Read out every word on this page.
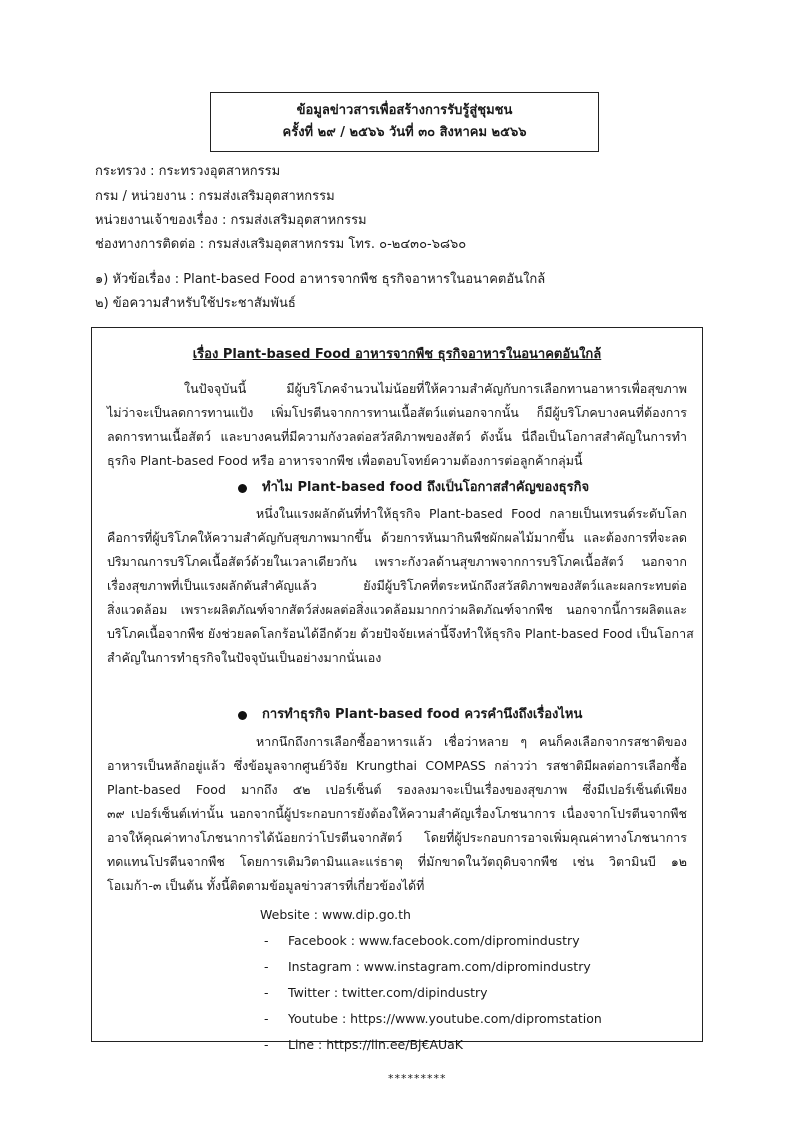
ข้อมูลข่าวสารเพื่อสร้างการรับรู้สู่ชุมชน
ครั้งที่ ๒๙ / ๒๕๖๖ วันที่ ๓๐ สิงหาคม ๒๕๖๖
กระทรวง : กระทรวงอุตสาหกรรม
กรม / หน่วยงาน : กรมส่งเสริมอุตสาหกรรม
หน่วยงานเจ้าของเรื่อง : กรมส่งเสริมอุตสาหกรรม
ช่องทางการติดต่อ : กรมส่งเสริมอุตสาหกรรม โทร. ๐-๒๔๓๐-๖๘๖๐
๑) หัวข้อเรื่อง : Plant-based Food อาหารจากพืช ธุรกิจอาหารในอนาคตอันใกล้
๒) ข้อความสำหรับใช้ประชาสัมพันธ์
เรื่อง Plant-based Food อาหารจากพืช ธุรกิจอาหารในอนาคตอันใกล้
ในปัจจุบันนี้ มีผู้บริโภคจำนวนไม่น้อยที่ให้ความสำคัญกับการเลือกทานอาหารเพื่อสุขภาพ
ไม่ว่าจะเป็นลดการทานแป้ง เพิ่มโปรตีนจากการทานเนื้อสัตว์แต่นอกจากนั้น ก็มีผู้บริโภคบางคนที่ต้องการ
ลดการทานเนื้อสัตว์ และบางคนที่มีความกังวลต่อสวัสดิภาพของสัตว์ ดังนั้น นี่ถือเป็นโอกาสสำคัญในการทำ
ธุรกิจ Plant-based Food หรือ อาหารจากพืช เพื่อตอบโจทย์ความต้องการต่อลูกค้ากลุ่มนี้
ทำไม Plant-based food ถึงเป็นโอกาสสำคัญของธุรกิจ
หนึ่งในแรงผลักดันที่ทำให้ธุรกิจ Plant-based Food กลายเป็นเทรนด์ระดับโลก
คือการที่ผู้บริโภคให้ความสำคัญกับสุขภาพมากขึ้น ด้วยการหันมากินพืชผักผลไม้มากขึ้น และต้องการที่จะลด
ปริมาณการบริโภคเนื้อสัตว์ด้วยในเวลาเดียวกัน เพราะกังวลด้านสุขภาพจากการบริโภคเนื้อสัตว์ นอกจาก
เรื่องสุขภาพที่เป็นแรงผลักดันสำคัญแล้ว ยังมีผู้บริโภคที่ตระหนักถึงสวัสดิภาพของสัตว์และผลกระทบต่อ
สิ่งแวดล้อม เพราะผลิตภัณฑ์จากสัตว์ส่งผลต่อสิ่งแวดล้อมมากกว่าผลิตภัณฑ์จากพืช นอกจากนี้การผลิตและ
บริโภคเนื้อจากพืช ยังช่วยลดโลกร้อนได้อีกด้วย ด้วยปัจจัยเหล่านี้จึงทำให้ธุรกิจ Plant-based Food เป็นโอกาส
สำคัญในการทำธุรกิจในปัจจุบันเป็นอย่างมากนั่นเอง
การทำธุรกิจ Plant-based food ควรคำนึงถึงเรื่องไหน
หากนึกถึงการเลือกซื้ออาหารแล้ว เชื่อว่าหลาย ๆ คนก็คงเลือกจากรสชาติของ
อาหารเป็นหลักอยู่แล้ว ซึ่งข้อมูลจากศูนย์วิจัย Krungthai COMPASS กล่าวว่า รสชาติมีผลต่อการเลือกซื้อ
Plant-based Food มากถึง ๕๒ เปอร์เซ็นต์ รองลงมาจะเป็นเรื่องของสุขภาพ ซึ่งมีเปอร์เซ็นต์เพียง
๓๙ เปอร์เซ็นต์เท่านั้น นอกจากนี้ผู้ประกอบการยังต้องให้ความสำคัญเรื่องโภชนาการ เนื่องจากโปรตีนจากพืช
อาจให้คุณค่าทางโภชนาการได้น้อยกว่าโปรตีนจากสัตว์ โดยที่ผู้ประกอบการอาจเพิ่มคุณค่าทางโภชนาการ
ทดแทนโปรตีนจากพืช โดยการเติมวิตามินและแร่ธาตุ ที่มักขาดในวัตถุดิบจากพืช เช่น วิตามินบี ๑๒
โอเมก้า-๓ เป็นต้น ทั้งนี้ติดตามข้อมูลข่าวสารที่เกี่ยวข้องได้ที่
Website : www.dip.go.th
- Facebook : www.facebook.com/dipromindustry
- Instagram : www.instagram.com/dipromindustry
- Twitter : twitter.com/dipindustry
- Youtube : https://www.youtube.com/dipromstation
- Line : https://lin.ee/Bj€AUaK
*********
